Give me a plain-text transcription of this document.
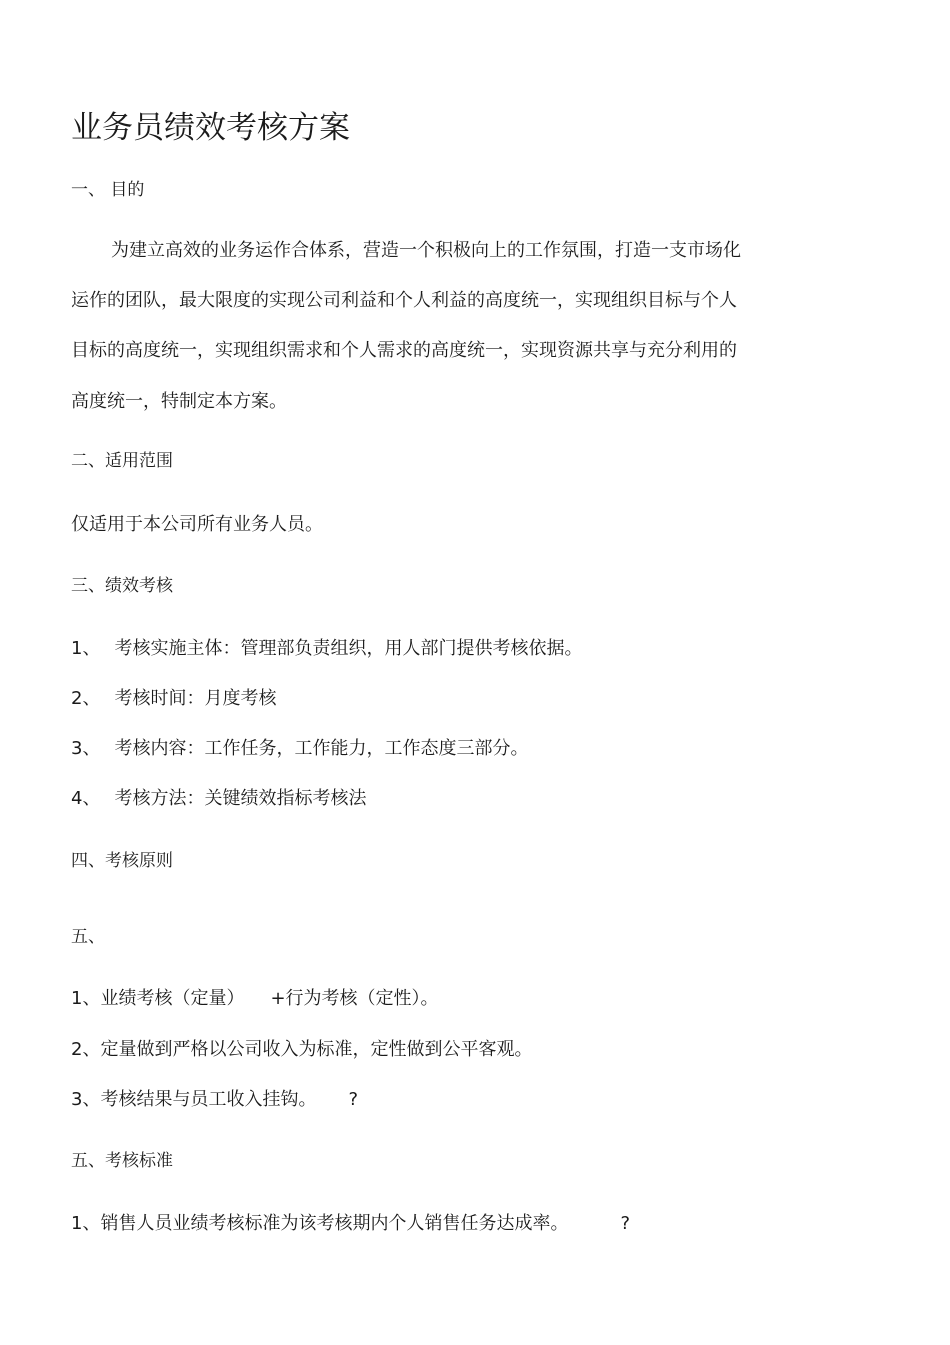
业务员绩效考核方案
一、 目的
为建立高效的业务运作合体系，营造一个积极向上的工作氛围，打造一支市场化
运作的团队，最大限度的实现公司利益和个人利益的高度统一，实现组织目标与个人
目标的高度统一，实现组织需求和个人需求的高度统一，实现资源共享与充分利用的
高度统一，特制定本方案。
二、适用范围
仅适用于本公司所有业务人员。
三、绩效考核
1、 考核实施主体：管理部负责组织，用人部门提供考核依据。
2、 考核时间：月度考核
3、 考核内容：工作任务，工作能力，工作态度三部分。
4、 考核方法：关键绩效指标考核法
四、考核原则
五、
1、业绩考核（定量） +行为考核（定性）。
2、定量做到严格以公司收入为标准，定性做到公平客观。
3、考核结果与员工收入挂钩。 ?
五、考核标准
1、销售人员业绩考核标准为该考核期内个人销售任务达成率。	?
